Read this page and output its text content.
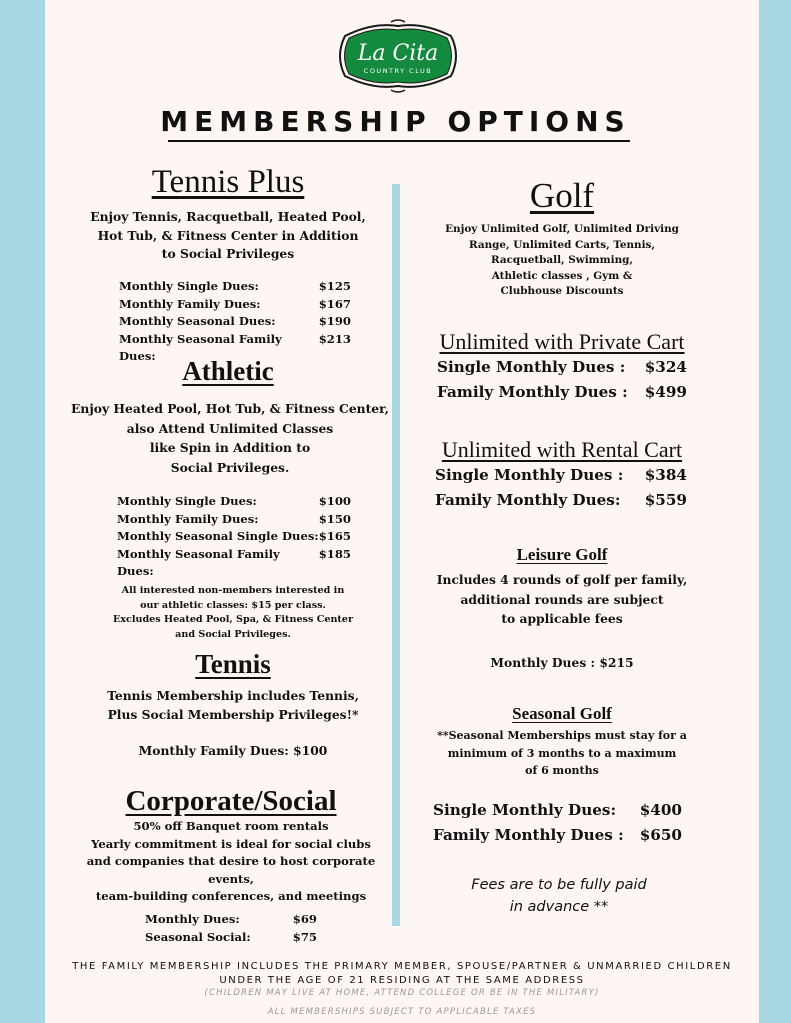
La Cita
COUNTRY CLUB
MEMBERSHIP OPTIONS
Tennis Plus
Enjoy Tennis, Racquetball, Heated Pool,
Hot Tub, & Fitness Center in Addition
to Social Privileges
Monthly Single Dues:	$125
Monthly Family Dues:	$167
Monthly Seasonal Dues:	$190
Monthly Seasonal Family Dues:
$213
Athletic
Enjoy Heated Pool, Hot Tub, & Fitness Center,
also Attend Unlimited Classes
like Spin in Addition to
Social Privileges.
Monthly Single Dues:	$100
Monthly Family Dues:	$150
Monthly Seasonal Single Dues: $165
Monthly Seasonal Family Dues:
$185
All interested non-members interested in
our athletic classes: $15 per class.
Excludes Heated Pool, Spa, & Fitness Center
and Social Privileges.
Tennis
Tennis Membership includes Tennis,
Plus Social Membership Privileges!*
Monthly Family Dues: $100
Corporate/Social
50% off Banquet room rentals
Yearly commitment is ideal for social clubs
and companies that desire to host corporate events,
team-building conferences, and meetings
Monthly Dues:	$69
Seasonal Social:	$75
Golf
Enjoy Unlimited Golf, Unlimited Driving
Range, Unlimited Carts, Tennis,
Racquetball, Swimming,
Athletic classes , Gym &
Clubhouse Discounts
Unlimited with Private Cart
Single Monthly Dues : $324
Family Monthly Dues : $499
Unlimited with Rental Cart
Single Monthly Dues : $384
Family Monthly Dues: $559
Leisure Golf
Includes 4 rounds of golf per family,
additional rounds are subject
to applicable fees
Monthly Dues : $215
Seasonal Golf
**Seasonal Memberships must stay for a
minimum of 3 months to a maximum
of 6 months
Single Monthly Dues: $400
Family Monthly Dues : $650
Fees are to be fully paid
in advance **
THE FAMILY MEMBERSHIP INCLUDES THE PRIMARY MEMBER, SPOUSE/PARTNER & UNMARRIED CHILDREN
UNDER THE AGE OF 21 RESIDING AT THE SAME ADDRESS
(CHILDREN MAY LIVE AT HOME, ATTEND COLLEGE OR BE IN THE MILITARY)
ALL MEMBERSHIPS SUBJECT TO APPLICABLE TAXES
